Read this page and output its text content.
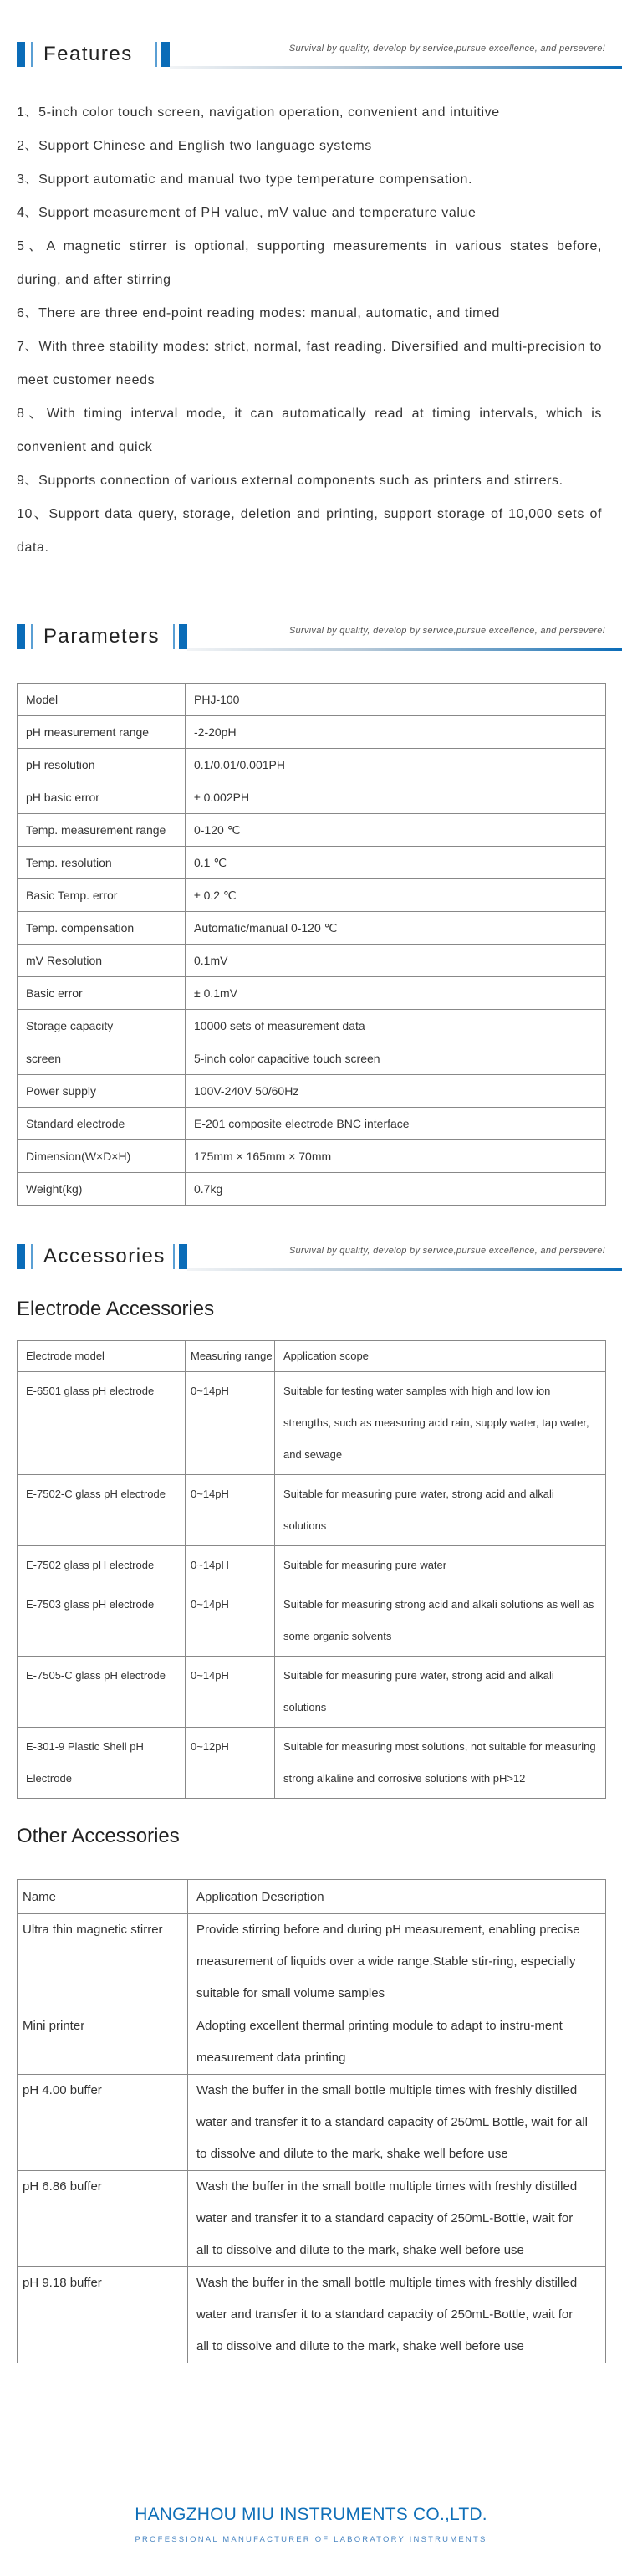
Features	Survival by quality, develop by service,pursue excellence, and persevere!
1、5-inch color touch screen, navigation operation, convenient and intuitive
2、Support Chinese and English two language systems
3、Support automatic and manual two type temperature compensation.
4、Support measurement of PH value, mV value and temperature value
5、A magnetic stirrer is optional, supporting measurements in various states before, during, and after stirring
6、There are three end-point reading modes: manual, automatic, and timed
7、With three stability modes: strict, normal, fast reading. Diversified and multi-precision to meet customer needs
8、With timing interval mode, it can automatically read at timing intervals, which is convenient and quick
9、Supports connection of various external components such as printers and stirrers.
10、Support data query, storage, deletion and printing, support storage of 10,000 sets of data.
Parameters	Survival by quality, develop by service,pursue excellence, and persevere!
Model	PHJ-100
pH measurement range	-2-20pH
pH resolution	0.1/0.01/0.001PH
pH basic error	± 0.002PH
Temp. measurement range	0-120 ℃
Temp. resolution	0.1 ℃
Basic Temp. error	± 0.2 ℃
Temp. compensation	Automatic/manual 0-120 ℃
mV Resolution	0.1mV
Basic error	± 0.1mV
Storage capacity	10000 sets of measurement data
screen	5-inch color capacitive touch screen
Power supply	100V-240V 50/60Hz
Standard electrode	E-201 composite electrode BNC interface
Dimension(W×D×H)	175mm × 165mm × 70mm
Weight(kg)	0.7kg
Accessories	Survival by quality, develop by service,pursue excellence, and persevere!
Electrode Accessories
Electrode model	Measuring range	Application scope
E-6501 glass pH electrode	0~14pH	Suitable for testing water samples with high and low ion strengths, such as measuring acid rain, supply water, tap water, and sewage
E-7502-C glass pH electrode	0~14pH	Suitable for measuring pure water, strong acid and alkali solutions
E-7502 glass pH electrode	0~14pH	Suitable for measuring pure water
E-7503 glass pH electrode	0~14pH	Suitable for measuring strong acid and alkali solutions as well as some organic solvents
E-7505-C glass pH electrode	0~14pH	Suitable for measuring pure water, strong acid and alkali solutions
E-301-9 Plastic Shell pH Electrode	0~12pH	Suitable for measuring most solutions, not suitable for measuring strong alkaline and corrosive solutions with pH>12
Other Accessories
Name	Application Description
Ultra thin magnetic stirrer	Provide stirring before and during pH measurement, enabling precise measurement of liquids over a wide range.Stable stir-ring, especially suitable for small volume samples
Mini printer	Adopting excellent thermal printing module to adapt to instru-ment measurement data printing
pH 4.00 buffer	Wash the buffer in the small bottle multiple times with freshly distilled water and transfer it to a standard capacity of 250mL Bottle, wait for all to dissolve and dilute to the mark, shake well before use
pH 6.86 buffer	Wash the buffer in the small bottle multiple times with freshly distilled water and transfer it to a standard capacity of 250mL-Bottle, wait for all to dissolve and dilute to the mark, shake well before use
pH 9.18 buffer	Wash the buffer in the small bottle multiple times with freshly distilled water and transfer it to a standard capacity of 250mL-Bottle, wait for all to dissolve and dilute to the mark, shake well before use
HANGZHOU MIU INSTRUMENTS CO.,LTD.
PROFESSIONAL MANUFACTURER OF LABORATORY INSTRUMENTS
